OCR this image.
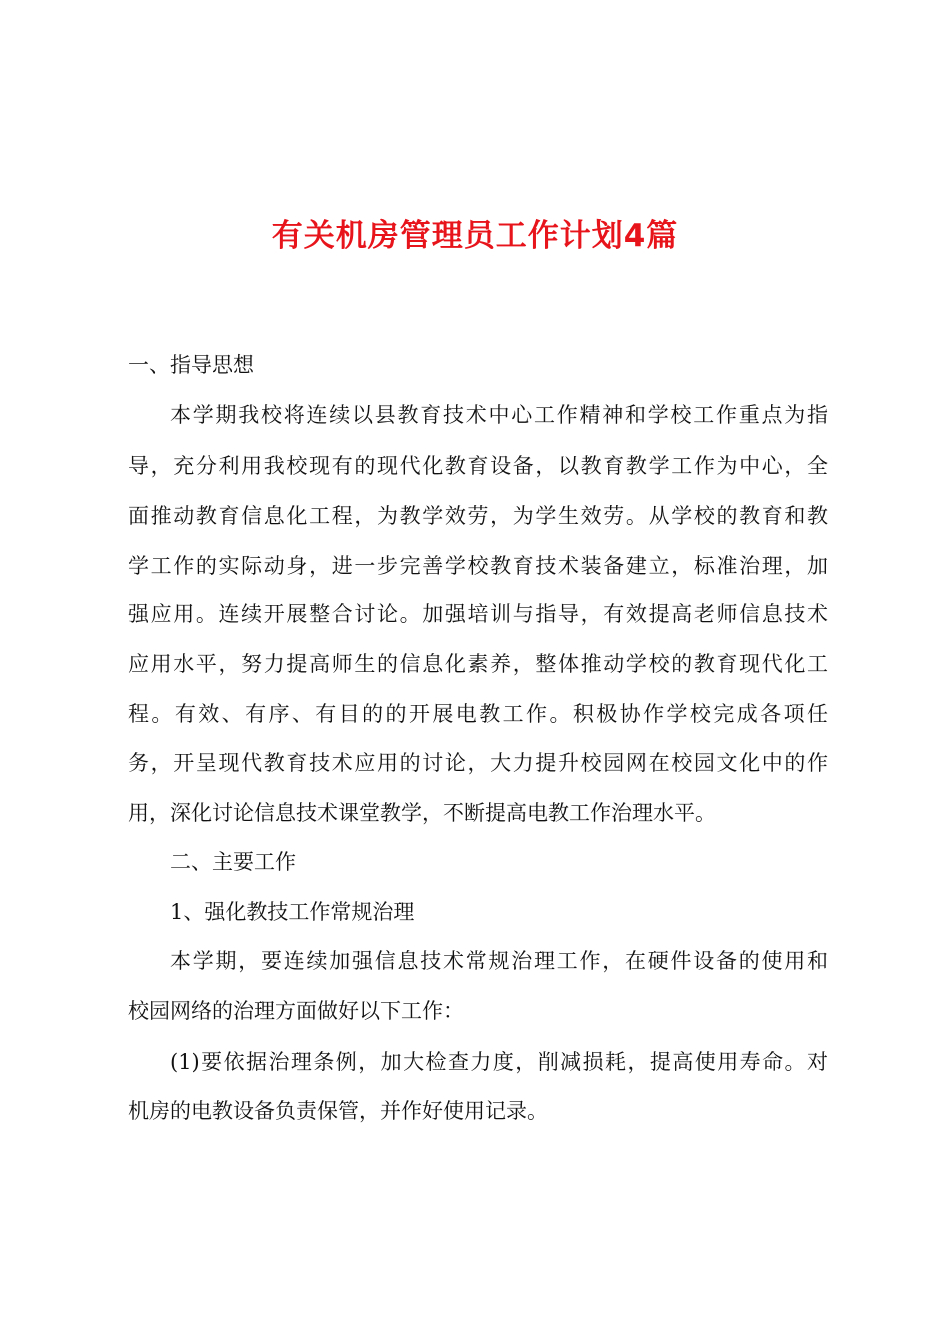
有关机房管理员工作计划4篇
一、指导思想
本学期我校将连续以县教育技术中心工作精神和学校工作重点为指
导，充分利用我校现有的现代化教育设备，以教育教学工作为中心，全
面推动教育信息化工程，为教学效劳，为学生效劳。从学校的教育和教
学工作的实际动身，进一步完善学校教育技术装备建立，标准治理，加
强应用。连续开展整合讨论。加强培训与指导，有效提高老师信息技术
应用水平，努力提高师生的信息化素养，整体推动学校的教育现代化工
程。有效、有序、有目的的开展电教工作。积极协作学校完成各项任
务，开呈现代教育技术应用的讨论，大力提升校园网在校园文化中的作
用，深化讨论信息技术课堂教学，不断提高电教工作治理水平。
二、主要工作
1、强化教技工作常规治理
本学期，要连续加强信息技术常规治理工作，在硬件设备的使用和
校园网络的治理方面做好以下工作：
(1)要依据治理条例，加大检查力度，削减损耗，提高使用寿命。对
机房的电教设备负责保管，并作好使用记录。
